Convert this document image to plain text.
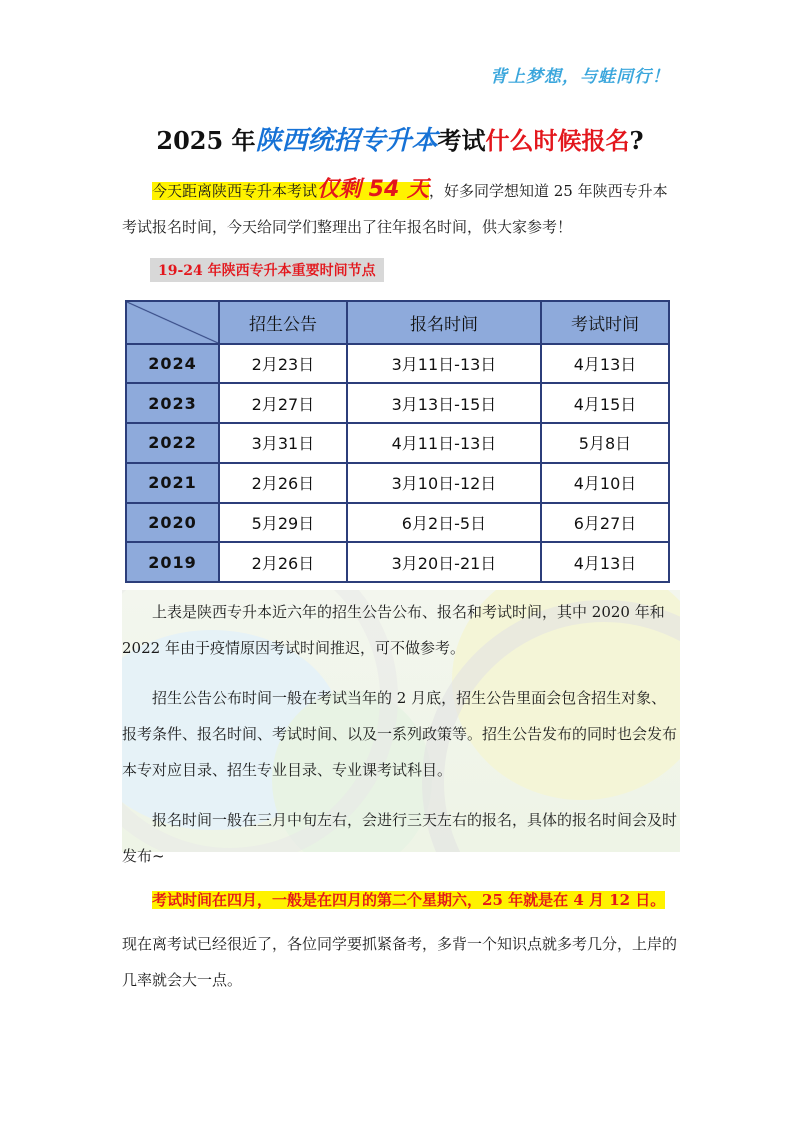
背上梦想，与蛙同行！
2025 年陕西统招专升本考试什么时候报名?
今天距离陕西专升本考试仅剩 54 天，好多同学想知道 25 年陕西专升本考试报名时间，今天给同学们整理出了往年报名时间，供大家参考！
19-24 年陕西专升本重要时间节点
	招生公告	报名时间	考试时间
2024	2月23日	3月11日-13日	4月13日
2023	2月27日	3月13日-15日	4月15日
2022	3月31日	4月11日-13日	5月8日
2021	2月26日	3月10日-12日	4月10日
2020	5月29日	6月2日-5日	6月27日
2019	2月26日	3月20日-21日	4月13日
上表是陕西专升本近六年的招生公告公布、报名和考试时间，其中 2020 年和 2022 年由于疫情原因考试时间推迟，可不做参考。
招生公告公布时间一般在考试当年的 2 月底，招生公告里面会包含招生对象、报考条件、报名时间、考试时间、以及一系列政策等。招生公告发布的同时也会发布本专对应目录、招生专业目录、专业课考试科目。
报名时间一般在三月中旬左右，会进行三天左右的报名，具体的报名时间会及时发布~
考试时间在四月，一般是在四月的第二个星期六，25 年就是在 4 月 12 日。
现在离考试已经很近了，各位同学要抓紧备考，多背一个知识点就多考几分，上岸的几率就会大一点。
